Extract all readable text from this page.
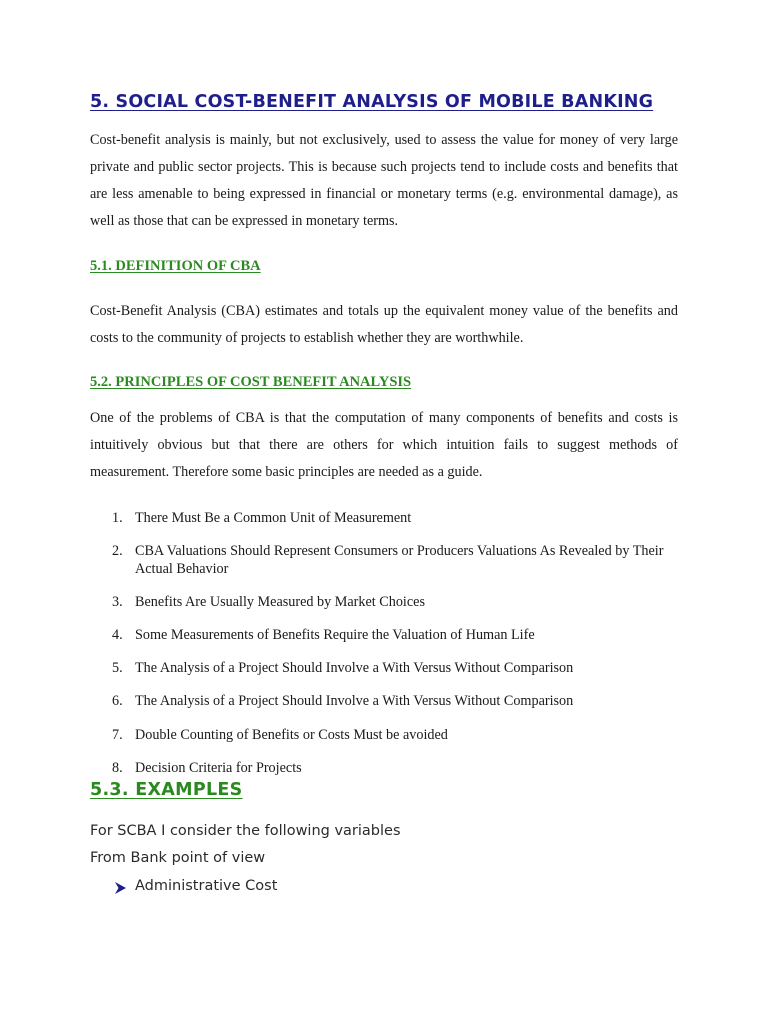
5. SOCIAL COST-BENEFIT ANALYSIS OF MOBILE BANKING

Cost-benefit analysis is mainly, but not exclusively, used to assess the value for money of very large private and public sector projects. This is because such projects tend to include costs and benefits that are less amenable to being expressed in financial or monetary terms (e.g. environmental damage), as well as those that can be expressed in monetary terms.

5.1. DEFINITION OF CBA

Cost-Benefit Analysis (CBA) estimates and totals up the equivalent money value of the benefits and costs to the community of projects to establish whether they are worthwhile.

5.2. PRINCIPLES OF COST BENEFIT ANALYSIS

One of the problems of CBA is that the computation of many components of benefits and costs is intuitively obvious but that there are others for which intuition fails to suggest methods of measurement. Therefore some basic principles are needed as a guide.

1. There Must Be a Common Unit of Measurement
2. CBA Valuations Should Represent Consumers or Producers Valuations As Revealed by Their Actual Behavior
3. Benefits Are Usually Measured by Market Choices
4. Some Measurements of Benefits Require the Valuation of Human Life
5. The Analysis of a Project Should Involve a With Versus Without Comparison
6. The Analysis of a Project Should Involve a With Versus Without Comparison
7. Double Counting of Benefits or Costs Must be avoided
8. Decision Criteria for Projects
5.3. EXAMPLES

For SCBA I consider the following variables

From Bank point of view

Administrative Cost
